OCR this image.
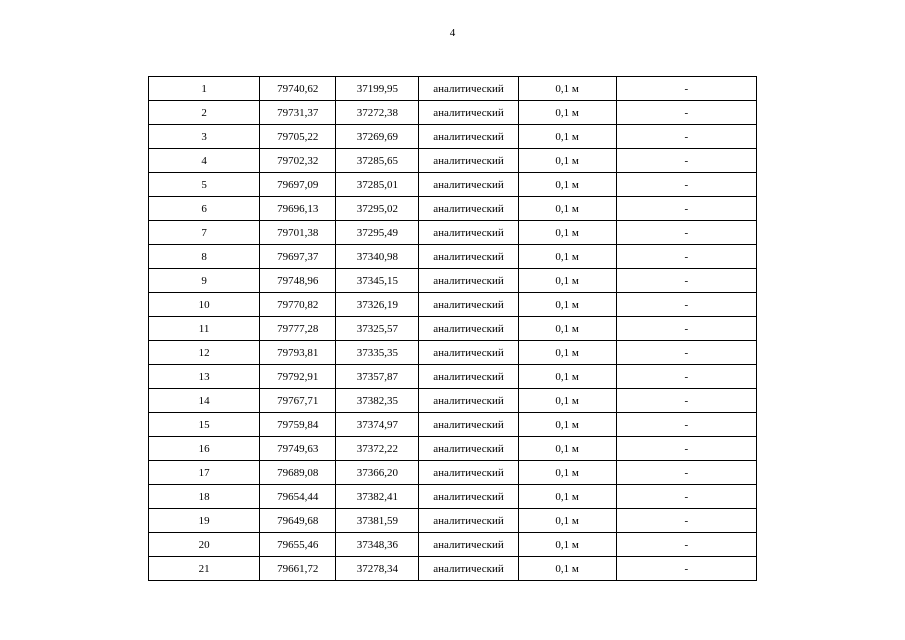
4
1	79740,62	37199,95	аналитический	0,1 м	-
2	79731,37	37272,38	аналитический	0,1 м	-
3	79705,22	37269,69	аналитический	0,1 м	-
4	79702,32	37285,65	аналитический	0,1 м	-
5	79697,09	37285,01	аналитический	0,1 м	-
6	79696,13	37295,02	аналитический	0,1 м	-
7	79701,38	37295,49	аналитический	0,1 м	-
8	79697,37	37340,98	аналитический	0,1 м	-
9	79748,96	37345,15	аналитический	0,1 м	-
10	79770,82	37326,19	аналитический	0,1 м	-
11	79777,28	37325,57	аналитический	0,1 м	-
12	79793,81	37335,35	аналитический	0,1 м	-
13	79792,91	37357,87	аналитический	0,1 м	-
14	79767,71	37382,35	аналитический	0,1 м	-
15	79759,84	37374,97	аналитический	0,1 м	-
16	79749,63	37372,22	аналитический	0,1 м	-
17	79689,08	37366,20	аналитический	0,1 м	-
18	79654,44	37382,41	аналитический	0,1 м	-
19	79649,68	37381,59	аналитический	0,1 м	-
20	79655,46	37348,36	аналитический	0,1 м	-
21	79661,72	37278,34	аналитический	0,1 м	-
